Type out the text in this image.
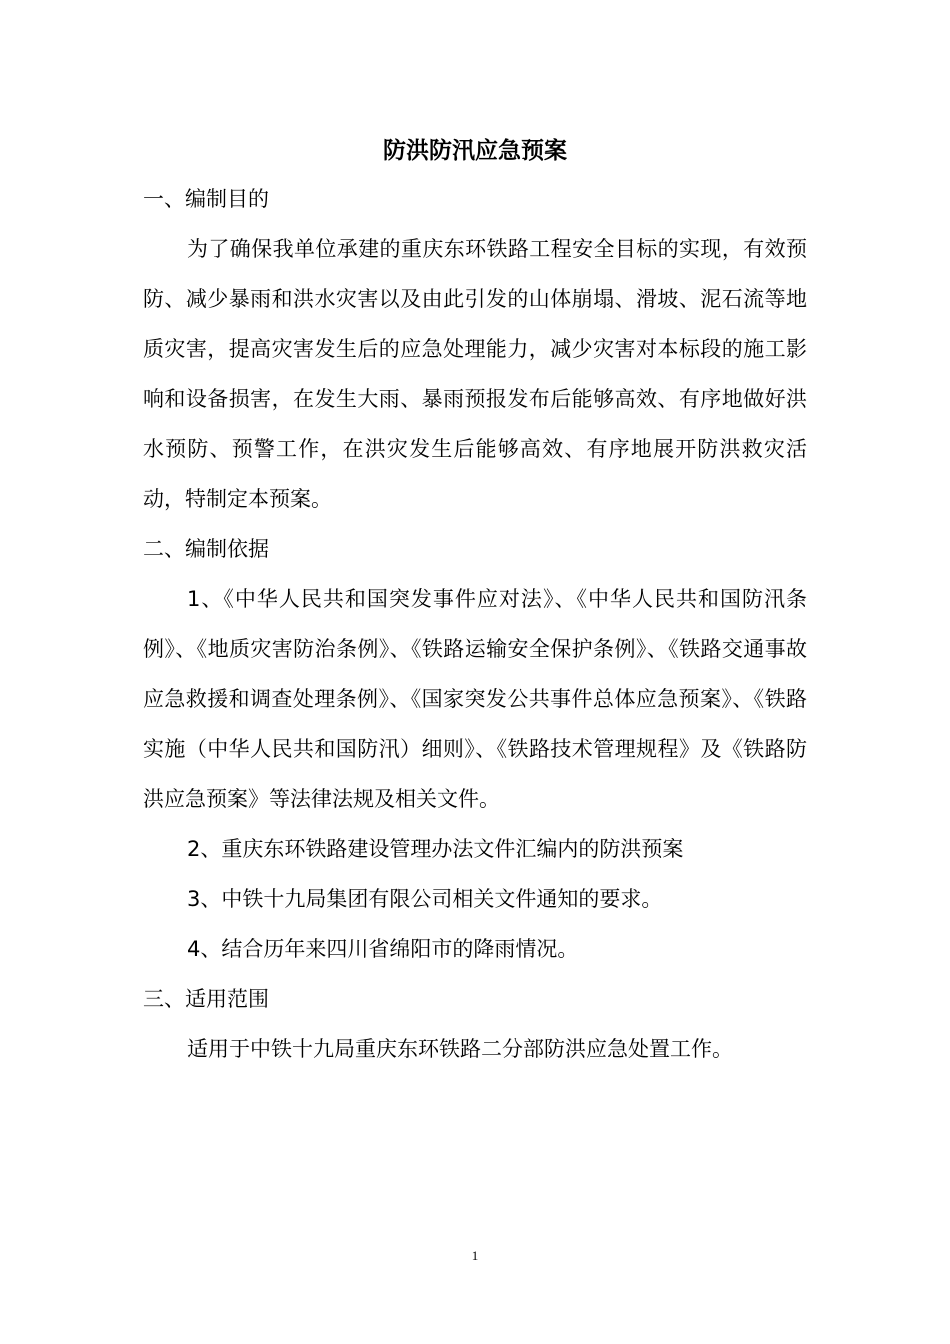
防洪防汛应急预案

一、编制目的

为了确保我单位承建的重庆东环铁路工程安全目标的实现，有效预防、减少暴雨和洪水灾害以及由此引发的山体崩塌、滑坡、泥石流等地质灾害，提高灾害发生后的应急处理能力，减少灾害对本标段的施工影响和设备损害，在发生大雨、暴雨预报发布后能够高效、有序地做好洪水预防、预警工作，在洪灾发生后能够高效、有序地展开防洪救灾活动，特制定本预案。

二、编制依据

1、《中华人民共和国突发事件应对法》、《中华人民共和国防汛条例》、《地质灾害防治条例》、《铁路运输安全保护条例》、《铁路交通事故应急救援和调查处理条例》、《国家突发公共事件总体应急预案》、《铁路实施（中华人民共和国防汛）细则》、《铁路技术管理规程》及《铁路防洪应急预案》等法律法规及相关文件。

2、重庆东环铁路建设管理办法文件汇编内的防洪预案

3、中铁十九局集团有限公司相关文件通知的要求。

4、结合历年来四川省绵阳市的降雨情况。

三、适用范围

适用于中铁十九局重庆东环铁路二分部防洪应急处置工作。

1
